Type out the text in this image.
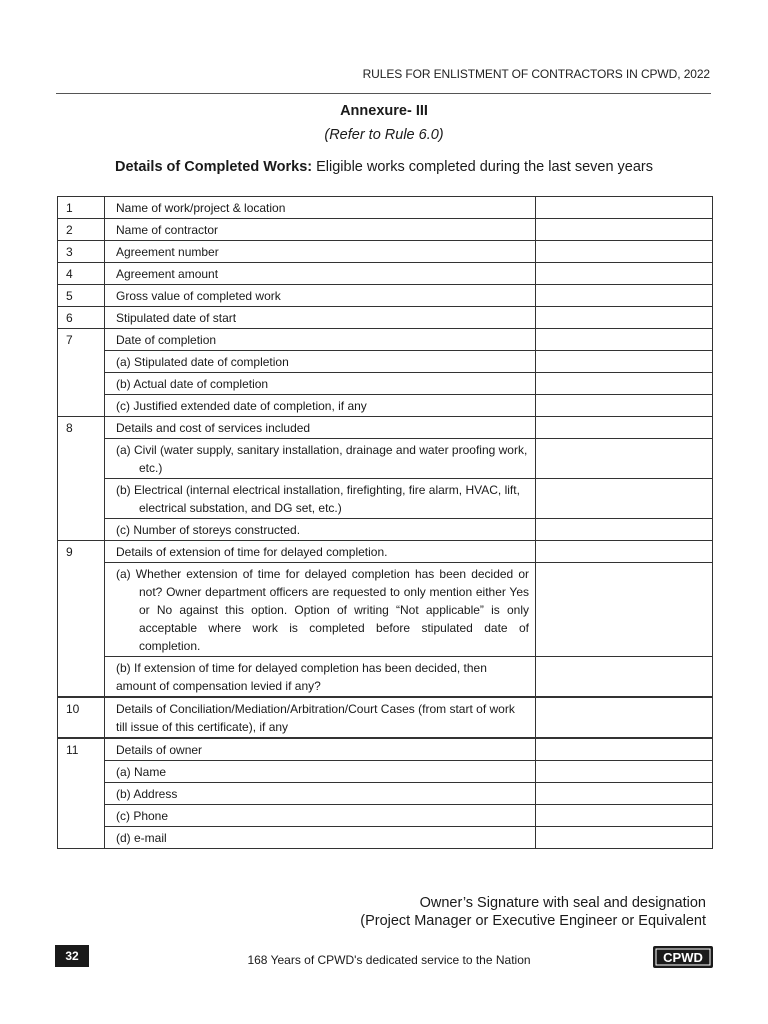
RULES FOR ENLISTMENT OF CONTRACTORS IN CPWD, 2022
Annexure- III
(Refer to Rule 6.0)
Details of Completed Works: Eligible works completed during the last seven years
1	Name of work/project & location	
2	Name of contractor	
3	Agreement number	
4	Agreement amount	
5	Gross value of completed work	
6	Stipulated date of start	
7	Date of completion	
	(a) Stipulated date of completion	
	(b) Actual date of completion	
	(c) Justified extended date of completion, if any	
8	Details and cost of services included	

	(a) Civil (water supply, sanitary installation, drainage and water proofing work, etc.)	

	(b) Electrical (internal electrical installation, firefighting, fire alarm, HVAC, lift, electrical substation, and DG set, etc.)	

	(c) Number of storeys constructed.	
9	Details of extension of time for delayed completion.	

	(a) Whether extension of time for delayed completion has been decided or not? Owner department officers are requested to only mention either Yes or No against this option. Option of writing “Not applicable” is only acceptable where work is completed before stipulated date of completion.	

	(b) If extension of time for delayed completion has been decided, then amount of compensation levied if any?	
10	Details of Conciliation/Mediation/Arbitration/Court Cases (from start of work till issue of this certificate), if any	
11	Details of owner	
	(a) Name	
	(b) Address	
	(c) Phone	
	(d) e-mail	
Owner’s Signature with seal and designation
(Project Manager or Executive Engineer or Equivalent
32	168 Years of CPWD's dedicated service to the Nation	CPWD
